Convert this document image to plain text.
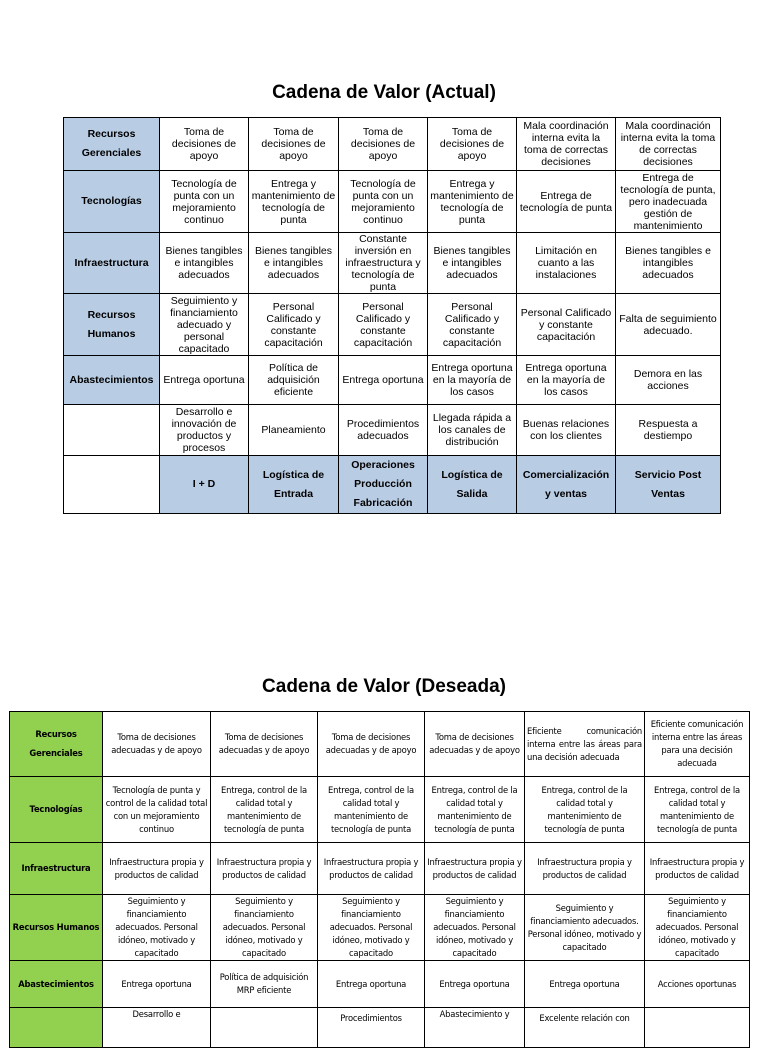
Cadena de Valor (Actual)
Recursos Gerenciales	Toma de decisiones de apoyo	Toma de decisiones de apoyo	Toma de decisiones de apoyo	Toma de decisiones de apoyo	Mala coordinación interna evita la toma de correctas decisiones	Mala coordinación interna evita la toma de correctas decisiones
Tecnologías	Tecnología de punta con un mejoramiento continuo	Entrega y mantenimiento de tecnología de punta	Tecnología de punta con un mejoramiento continuo	Entrega y mantenimiento de tecnología de punta	Entrega de tecnología de punta	Entrega de tecnología de punta, pero inadecuada gestión de mantenimiento
Infraestructura	Bienes tangibles e intangibles adecuados	Bienes tangibles e intangibles adecuados	Constante inversión en infraestructura y tecnología de punta	Bienes tangibles e intangibles adecuados	Limitación en cuanto a las instalaciones	Bienes tangibles e intangibles adecuados
Recursos Humanos	Seguimiento y financiamiento adecuado y personal capacitado	Personal Calificado y constante capacitación	Personal Calificado y constante capacitación	Personal Calificado y constante capacitación	Personal Calificado y constante capacitación	Falta de seguimiento adecuado.
Abastecimientos	Entrega oportuna	Política de adquisición eficiente	Entrega oportuna	Entrega oportuna en la mayoría de los casos	Entrega oportuna en la mayoría de los casos	Demora en las acciones
	Desarrollo e innovación de productos y procesos	Planeamiento	Procedimientos adecuados	Llegada rápida a los canales de distribución	Buenas relaciones con los clientes	Respuesta a destiempo
	I + D	Logística de Entrada	Operaciones Producción Fabricación	Logística de Salida	Comercialización y ventas	Servicio Post Ventas
Cadena de Valor (Deseada)
Recursos Gerenciales	Toma de decisiones adecuadas y de apoyo	Toma de decisiones adecuadas y de apoyo	Toma de decisiones adecuadas y de apoyo	Toma de decisiones adecuadas y de apoyo	Eficiente comunicación interna entre las áreas para una decisión adecuada	Eficiente comunicación interna entre las áreas para una decisión adecuada
Tecnologías	Tecnología de punta y control de la calidad total con un mejoramiento continuo	Entrega, control de la calidad total y mantenimiento de tecnología de punta	Entrega, control de la calidad total y mantenimiento de tecnología de punta	Entrega, control de la calidad total y mantenimiento de tecnología de punta	Entrega, control de la calidad total y mantenimiento de tecnología de punta	Entrega, control de la calidad total y mantenimiento de tecnología de punta
Infraestructura	Infraestructura propia y productos de calidad	Infraestructura propia y productos de calidad	Infraestructura propia y productos de calidad	Infraestructura propia y productos de calidad	Infraestructura propia y productos de calidad	Infraestructura propia y productos de calidad
Recursos Humanos	Seguimiento y financiamiento adecuados. Personal idóneo, motivado y capacitado	Seguimiento y financiamiento adecuados. Personal idóneo, motivado y capacitado	Seguimiento y financiamiento adecuados. Personal idóneo, motivado y capacitado	Seguimiento y financiamiento adecuados. Personal idóneo, motivado y capacitado	Seguimiento y financiamiento adecuados. Personal idóneo, motivado y capacitado	Seguimiento y financiamiento adecuados. Personal idóneo, motivado y capacitado
Abastecimientos	Entrega oportuna	Política de adquisición MRP eficiente	Entrega oportuna	Entrega oportuna	Entrega oportuna	Acciones oportunas
	Desarrollo e		Procedimientos	Abastecimiento y	Excelente relación con	
